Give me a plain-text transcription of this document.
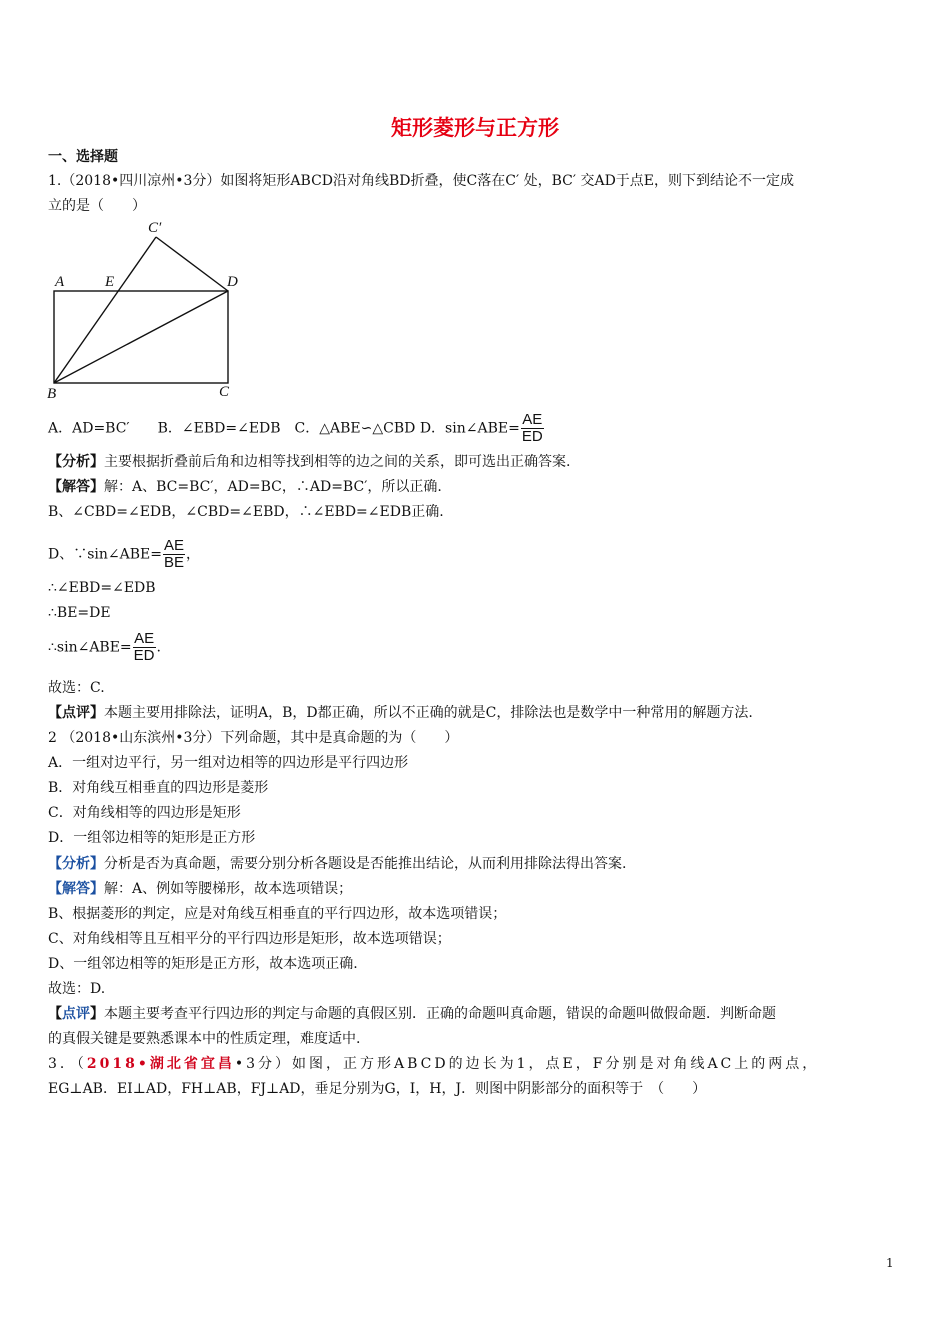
矩形菱形与正方形
一、选择题
1.（2018•四川凉州•3分）如图将矩形ABCD沿对角线BD折叠，使C落在C′ 处，BC′ 交AD于点E，则下到结论不一定成
立的是（　　）
C′
A	E	D
B	C
A．AD=BC′　　B．∠EBD=∠EDB　C．△ABE∽△CBD D．sin∠ABE= $\frac{AE}{ED}$
【分析】主要根据折叠前后角和边相等找到相等的边之间的关系，即可选出正确答案.
【解答】解：A、BC=BC′，AD=BC，∴AD=BC′，所以正确.
B、∠CBD=∠EDB，∠CBD=∠EBD，∴∠EBD=∠EDB正确.
D、∵sin∠ABE= $\frac{AE}{BE}$ ，
∴∠EBD=∠EDB
∴BE=DE
∴sin∠ABE= $\frac{AE}{ED}$ .
故选：C.
【点评】本题主要用排除法，证明A，B，D都正确，所以不正确的就是C，排除法也是数学中一种常用的解题方法.
2 （2018•山东滨州•3分）下列命题，其中是真命题的为（　　）
A．一组对边平行，另一组对边相等的四边形是平行四边形
B．对角线互相垂直的四边形是菱形
C．对角线相等的四边形是矩形
D．一组邻边相等的矩形是正方形
【分析】分析是否为真命题，需要分别分析各题设是否能推出结论，从而利用排除法得出答案.
【解答】解：A、例如等腰梯形，故本选项错误；
B、根据菱形的判定，应是对角线互相垂直的平行四边形，故本选项错误；
C、对角线相等且互相平分的平行四边形是矩形，故本选项错误；
D、一组邻边相等的矩形是正方形，故本选项正确.
故选：D.
【点评】本题主要考查平行四边形的判定与命题的真假区别．正确的命题叫真命题，错误的命题叫做假命题．判断命题
的真假关键是要熟悉课本中的性质定理，难度适中.
3．（2018•湖北省宜昌•3分）如图，正方形ABCD的边长为1，点E，F分别是对角线AC上的两点，
EG⊥AB．EI⊥AD，FH⊥AB，FJ⊥AD，垂足分别为G，I，H，J．则图中阴影部分的面积等于　（　　）
1
